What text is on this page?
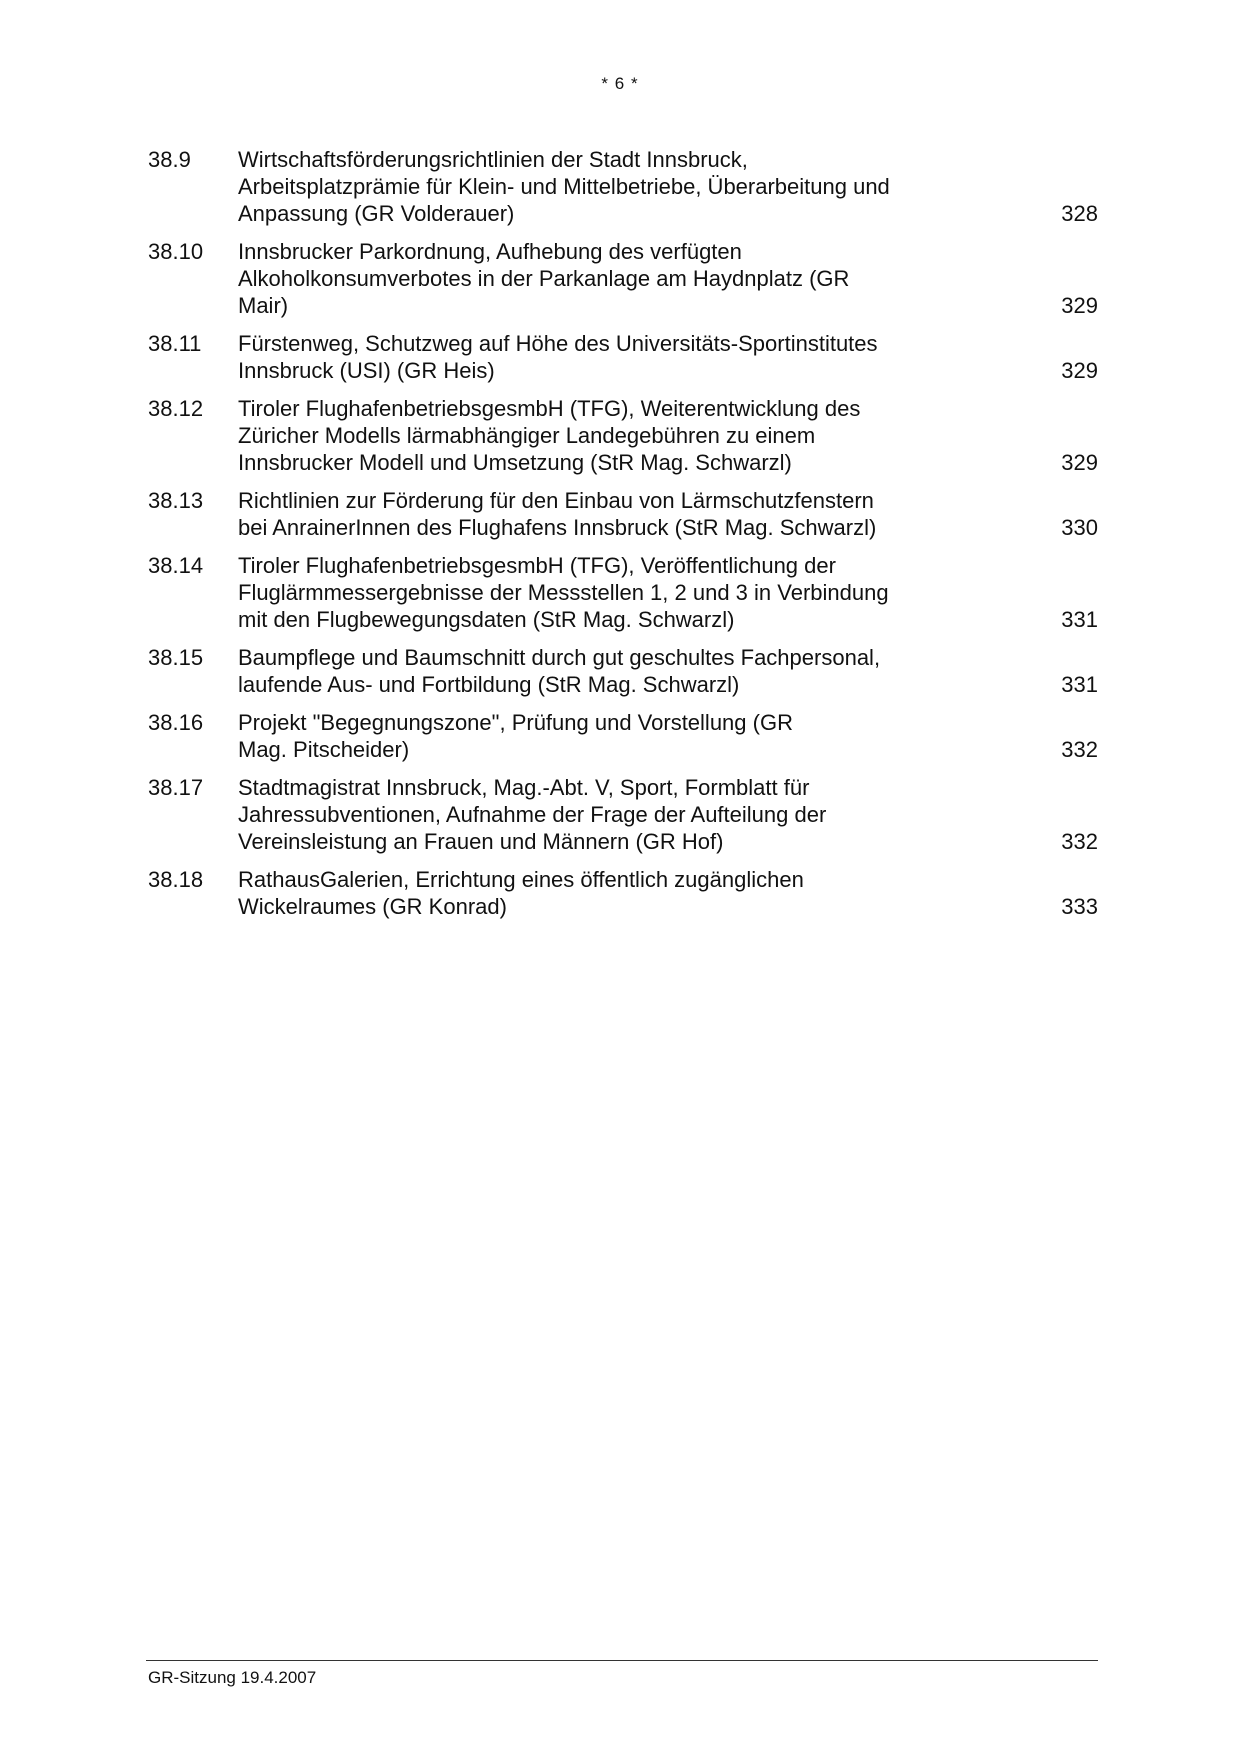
* 6 *
38.9	Wirtschaftsförderungsrichtlinien der Stadt Innsbruck,
Arbeitsplatzprämie für Klein- und Mittelbetriebe, Überarbeitung und
Anpassung (GR Volderauer)	328
38.10	Innsbrucker Parkordnung, Aufhebung des verfügten
Alkoholkonsumverbotes in der Parkanlage am Haydnplatz (GR
Mair)	329
38.11	Fürstenweg, Schutzweg auf Höhe des Universitäts-Sportinstitutes
Innsbruck (USI) (GR Heis)	329
38.12	Tiroler FlughafenbetriebsgesmbH (TFG), Weiterentwicklung des
Züricher Modells lärmabhängiger Landegebühren zu einem
Innsbrucker Modell und Umsetzung (StR Mag. Schwarzl)	329
38.13	Richtlinien zur Förderung für den Einbau von Lärmschutzfenstern
bei AnrainerInnen des Flughafens Innsbruck (StR Mag. Schwarzl)	330
38.14	Tiroler FlughafenbetriebsgesmbH (TFG), Veröffentlichung der
Fluglärmmessergebnisse der Messstellen 1, 2 und 3 in Verbindung
mit den Flugbewegungsdaten (StR Mag. Schwarzl)	331
38.15	Baumpflege und Baumschnitt durch gut geschultes Fachpersonal,
laufende Aus- und Fortbildung (StR Mag. Schwarzl)	331
38.16	Projekt "Begegnungszone", Prüfung und Vorstellung (GR
Mag. Pitscheider)	332
38.17	Stadtmagistrat Innsbruck, Mag.-Abt. V, Sport, Formblatt für
Jahressubventionen, Aufnahme der Frage der Aufteilung der
Vereinsleistung an Frauen und Männern (GR Hof)	332
38.18	RathausGalerien, Errichtung eines öffentlich zugänglichen
Wickelraumes (GR Konrad)	333
GR-Sitzung 19.4.2007
